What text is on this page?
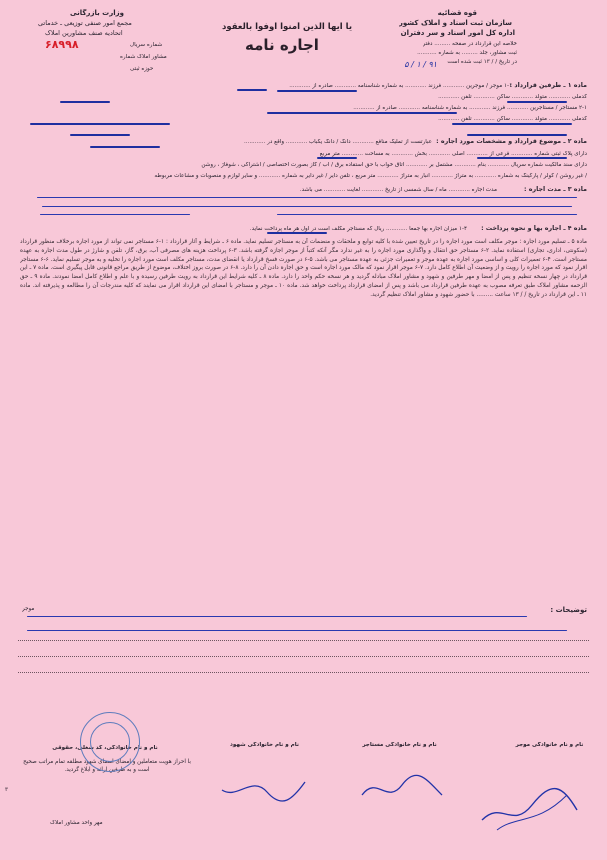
قوه قضائیه
سازمان ثبت اسناد و املاک کشور
اداره کل امور اسناد و سر دفتران
خلاصه این قرارداد در صفحه ......... دفتر
ثبت مشاور، جلد ......... به شماره ...........
در تاریخ / / ۱۳ ثبت شده است
۹۱ / ۱ / ۵
یا ایها الذین آمنوا اوفوا بالعقود
اجاره نامه
وزارت بازرگانی
مجمع امور صنفی توزیعی ـ خدماتی
اتحادیه صنف مشاورین املاک
شماره سریال
۶۸۹۹۸
مشاور املاک شماره
حوزه ثبتی
ماده ۱ ـ طرفین قرارداد :
۱-۱ موجر / موجرین ............ فرزند ............ به شماره شناسنامه ............ صادره از ............
کدملی ............ متولد ............ ساکن ............ تلفن ............
۲-۱ مستاجر / مستاجرین ............ فرزند ............ به شماره شناسنامه ............ صادره از ............
کدملی ............ متولد ............ ساکن ............ تلفن ............
ماده ۲ ـ موضوع قرارداد و مشخصات مورد اجاره :
عبارتست از تملیک منافع ............ دانگ / دانگ یکباب ............ واقع در ............
دارای پلاک ثبتی شماره ............ فرعی از ............ اصلی ............ بخش ............ به مساحت ............ متر مربع
دارای سند مالکیت شماره سریال ............ بنام ............ مشتمل بر ............ اتاق خواب با حق استفاده برق / آب / گاز بصورت اختصاصی / اشتراکی ، شوفاژ ، روشن
/ غیر روشن / کولر / پارکینگ به شماره ............ به متراژ ............ انبار به متراژ ............ متر مربع ، تلفن دایر / غیر دایر به شماره ............ و سایر لوازم و منصوبات و مشاعات مربوطه
ماده ۳ ـ مدت اجاره :
مدت اجاره ............ ماه / سال شمسی از تاریخ ............ لغایت ............ می باشد.
ماده ۴ ـ اجاره بها و نحوه پرداخت :
۱-۴ میزان اجاره بها جمعاً ............ ریال که مستاجر مکلف است در اول هر ماه پرداخت نماید.
ماده ۵ ـ تسلیم مورد اجاره : موجر مکلف است مورد اجاره را در تاریخ تعیین شده با کلیه توابع و ملحقات و منضمات آن به مستاجر تسلیم نماید. ماده ۶ ـ شرایط و آثار قرارداد : ۱-۶ مستاجر نمی تواند از مورد اجاره برخلاف منظور قرارداد (سکونتی، اداری، تجاری) استفاده نماید. ۲-۶ مستاجر حق انتقال و واگذاری مورد اجاره را به غیر ندارد مگر آنکه کتباً از موجر اجازه گرفته باشد. ۳-۶ پرداخت هزینه های مصرفی آب، برق، گاز، تلفن و شارژ در طول مدت اجاره به عهده مستاجر است. ۴-۶ تعمیرات کلی و اساسی مورد اجاره به عهده موجر و تعمیرات جزئی به عهده مستاجر می باشد. ۵-۶ در صورت فسخ قرارداد یا انقضای مدت، مستاجر مکلف است مورد اجاره را تخلیه و به موجر تسلیم نماید. ۶-۶ مستاجر اقرار نمود که مورد اجاره را رویت و از وضعیت آن اطلاع کامل دارد. ۷-۶ موجر اقرار نمود که مالک مورد اجاره است و حق اجاره دادن آن را دارد. ۸-۶ در صورت بروز اختلاف، موضوع از طریق مراجع قانونی قابل پیگیری است. ماده ۷ ـ این قرارداد در چهار نسخه تنظیم و پس از امضا و مهر طرفین و شهود و مشاور املاک مبادله گردید و هر نسخه حکم واحد را دارد. ماده ۸ ـ کلیه شرایط این قرارداد به رویت طرفین رسیده و با علم و اطلاع کامل امضا نمودند. ماده ۹ ـ حق الزحمه مشاور املاک طبق تعرفه مصوب به عهده طرفین قرارداد می باشد و پس از امضای قرارداد پرداخت خواهد شد. ماده ۱۰ ـ موجر و مستاجر با امضای این قرارداد اقرار می نمایند که کلیه مندرجات آن را مطالعه و پذیرفته اند. ماده ۱۱ ـ این قرارداد در تاریخ / / ۱۳ ساعت ......... با حضور شهود و مشاور املاک تنظیم گردید.
توضیحات :
موجر
نام و نام خانوادگی موجر
نام و نام خانوادگی مستاجر
نام و نام خانوادگی شهود
نام و نام خانوادگی، کد شغلی، حقوقی
با احراز هویت متعاملین و امضای امضای شهود مطلقه تمام مراتب صحیح است و به طرفین ارائه و ابلاغ گردید.
مهر واحد مشاور املاک
۳
